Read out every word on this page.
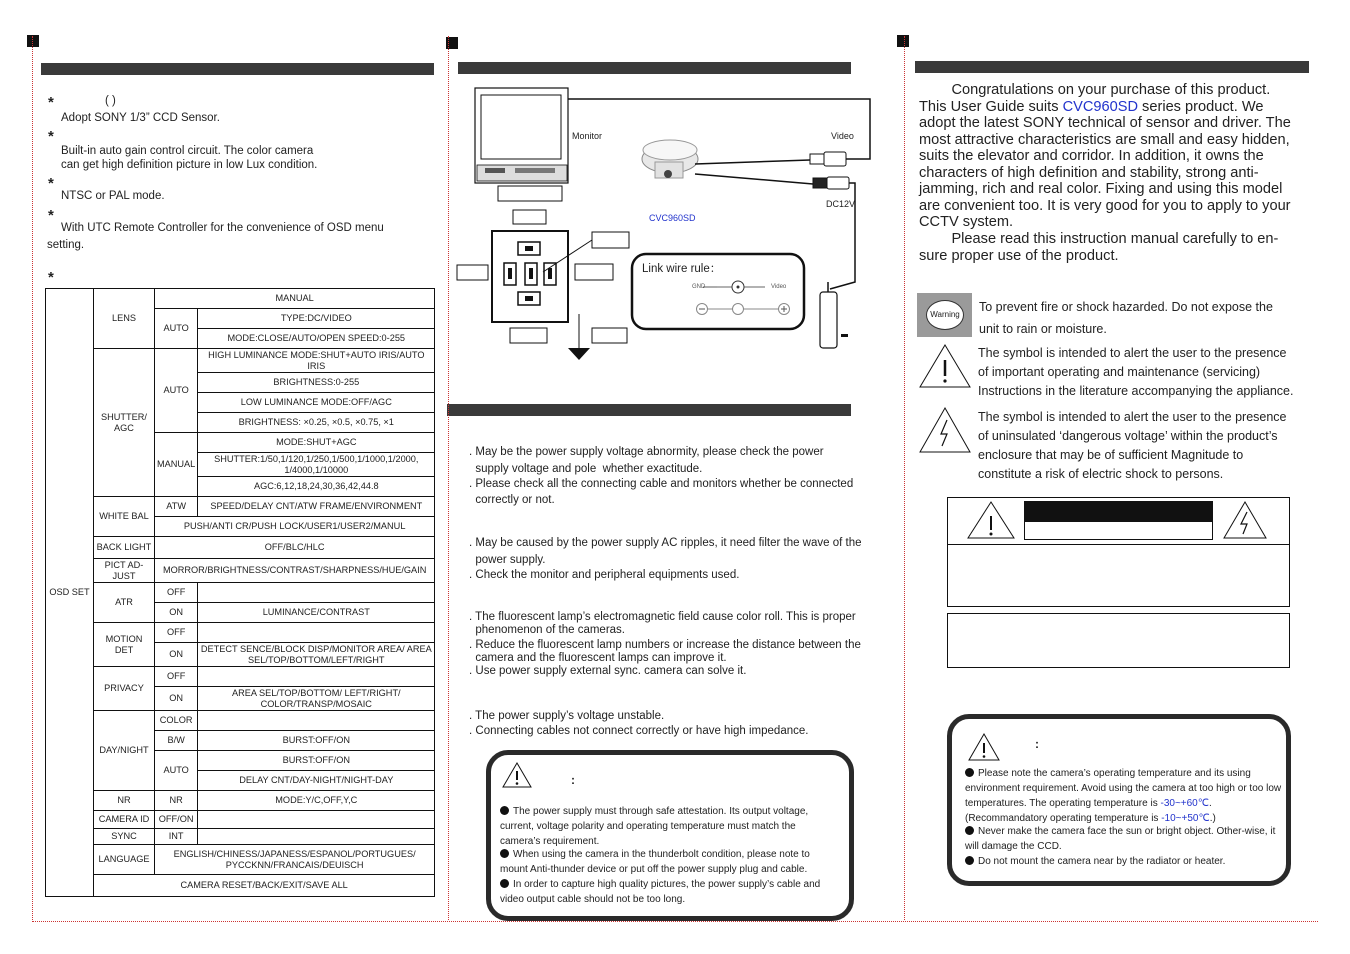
*	( )
Adopt SONY 1/3” CCD Sensor.
*
Built-in auto gain control circuit. The color camera
can get high definition picture in low Lux condition.
*
NTSC or PAL mode.
*
With UTC Remote Controller for the convenience of OSD menu
setting.
*
OSD SET	LENS	MANUAL	
		AUTO	TYPE:DC/VIDEO
			MODE:CLOSE/AUTO/OPEN SPEED:0-255
	SHUTTER/ AGC	AUTO	HIGH LUMINANCE MODE:SHUT+AUTO IRIS/AUTO IRIS
			BRIGHTNESS:0-255
			LOW LUMINANCE MODE:OFF/AGC
			BRIGHTNESS: ×0.25, ×0.5, ×0.75, ×1
		MANUAL	MODE:SHUT+AGC
			SHUTTER:1/50,1/120,1/250,1/500,1/1000,1/2000, 1/4000,1/10000
			AGC:6,12,18,24,30,36,42,44.8
	WHITE BAL	ATW	SPEED/DELAY CNT/ATW FRAME/ENVIRONMENT
		PUSH/ANTI CR/PUSH LOCK/USER1/USER2/MANUL	
	BACK LIGHT	OFF/BLC/HLC	
	PICT AD-JUST	MORROR/BRIGHTNESS/CONTRAST/SHARPNESS/HUE/GAIN	
	ATR	OFF	
		ON	LUMINANCE/CONTRAST
	MOTION DET	OFF	
		ON	DETECT SENCE/BLOCK DISP/MONITOR AREA/ AREA SEL/TOP/BOTTOM/LEFT/RIGHT
	PRIVACY	OFF	
		ON	AREA SEL/TOP/BOTTOM/ LEFT/RIGHT/ COLOR/TRANSP/MOSAIC
	DAY/NIGHT	COLOR	
		B/W	BURST:OFF/ON
		AUTO	BURST:OFF/ON
			DELAY CNT/DAY-NIGHT/NIGHT-DAY
	NR	NR	MODE:Y/C,OFF,Y,C
	CAMERA ID	OFF/ON	
	SYNC	INT	
	LANGUAGE	ENGLISH/CHINESS/JAPANESS/ESPANOL/PORTUGUES/ PYCCKNN/FRANCAIS/DEUISCH	
	CAMERA RESET/BACK/EXIT/SAVE ALL		
Monitor	Video
DC12V
CVC960SD
Link wire rule：
GND	Video
. May be the power supply voltage abnormity, please check the power
supply voltage and pole  whether exactitude.
. Please check all the connecting cable and monitors whether be connected
correctly or not.
. May be caused by the power supply AC ripples, it need filter the wave of the
power supply.
. Check the monitor and peripheral equipments used.
. The fluorescent lamp’s electromagnetic field cause color roll. This is proper
phenomenon of the cameras.
. Reduce the fluorescent lamp numbers or increase the distance between the
camera and the fluorescent lamps can improve it.
. Use power supply external sync. camera can solve it.
. The power supply’s voltage unstable.
. Connecting cables not connect correctly or have high impedance.
:
The power supply must through safe attestation. Its output voltage, current, voltage polarity and operating temperature must match the camera’s requirement.
When using the camera in the thunderbolt condition, please note to mount Anti-thunder device or put off the power supply plug and cable.
In order to capture high quality pictures, the power supply’s cable and video output cable should not be too long.
Congratulations on your purchase of this product. This User Guide suits CVC960SD series product. We adopt the latest SONY technical of sensor and driver. The most attractive characteristics are small and easy hidden, suits the elevator and corridor. In addition, it owns the characters of high definition and stability, strong anti-jamming, rich and real color. Fixing and using this model are convenient too. It is very good for you to apply to your CCTV system.
Please read this instruction manual carefully to en-sure proper use of the product.
Warning
To prevent fire or shock hazarded. Do not expose the unit to rain or moisture.
The symbol is intended to alert the user to the presence of important operating and maintenance (servicing) Instructions in the literature accompanying the appliance.
The symbol is intended to alert the user to the presence of uninsulated ‘dangerous voltage’ within the product’s enclosure that may be of sufficient Magnitude to constitute a risk of electric shock to persons.
:
Please note the camera’s operating temperature and its using environment requirement. Avoid using the camera at too high or too low temperatures. The operating temperature is -30~+60℃. (Recommandatory operating temperature is -10~+50℃.)
Never make the camera face the sun or bright object. Other-wise, it will damage the CCD.
Do not mount the camera near by the radiator or heater.
